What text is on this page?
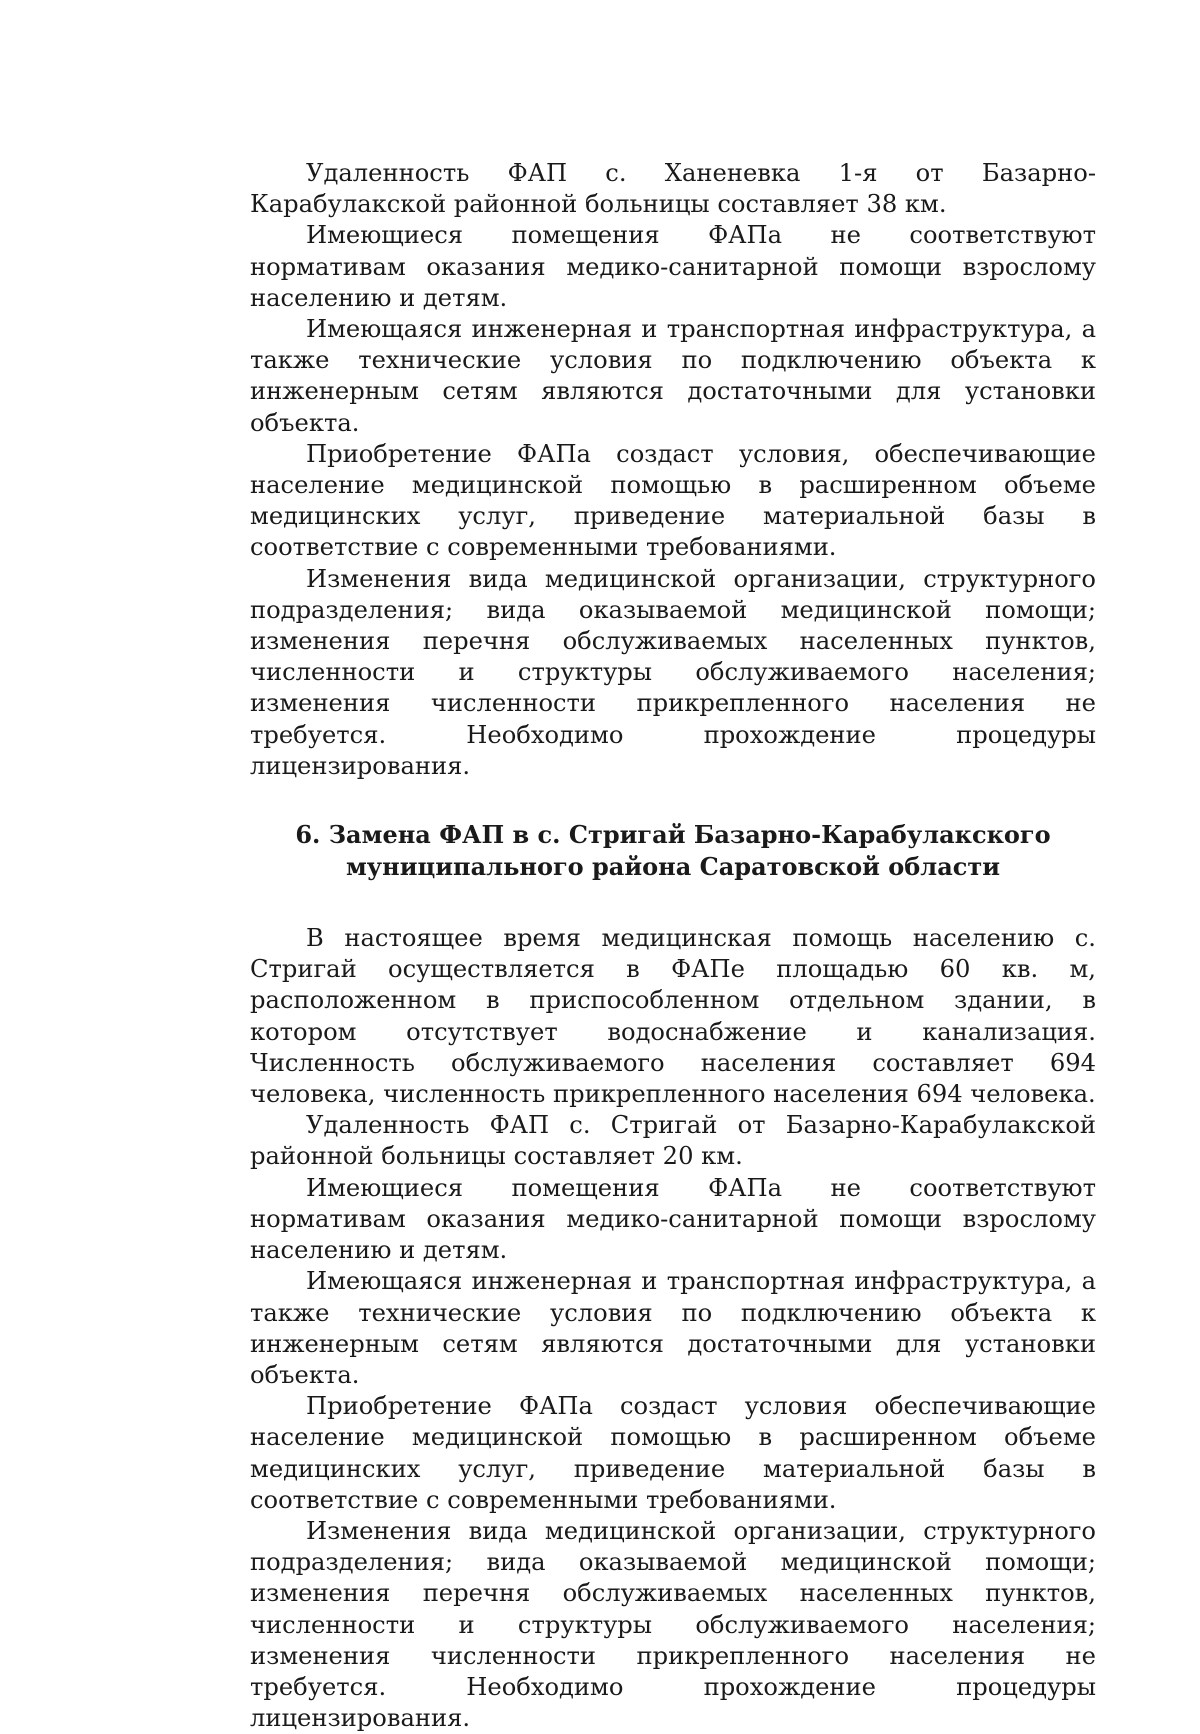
Удаленность ФАП с. Ханеневка 1-я от Базарно-Карабулакской районной больницы составляет 38 км.

Имеющиеся помещения ФАПа не соответствуют нормативам оказания медико-санитарной помощи взрослому населению и детям.

Имеющаяся инженерная и транспортная инфраструктура, а также технические условия по подключению объекта к инженерным сетям являются достаточными для установки объекта.

Приобретение ФАПа создаст условия, обеспечивающие население медицинской помощью в расширенном объеме медицинских услуг, приведение материальной базы в соответствие с современными требованиями.

Изменения вида медицинской организации, структурного подразделения; вида оказываемой медицинской помощи; изменения перечня обслуживаемых населенных пунктов, численности и структуры обслуживаемого населения; изменения численности прикрепленного населения не требуется. Необходимо прохождение процедуры лицензирования.

6. Замена ФАП в с. Стригай Базарно-Карабулакского
муниципального района Саратовской области

В настоящее время медицинская помощь населению с. Стригай осуществляется в ФАПе площадью 60 кв. м, расположенном в приспособленном отдельном здании, в котором отсутствует водоснабжение и канализация. Численность обслуживаемого населения составляет 694 человека, численность прикрепленного населения 694 человека.

Удаленность ФАП с. Стригай от Базарно-Карабулакской районной больницы составляет 20 км.

Имеющиеся помещения ФАПа не соответствуют нормативам оказания медико-санитарной помощи взрослому населению и детям.

Имеющаяся инженерная и транспортная инфраструктура, а также технические условия по подключению объекта к инженерным сетям являются достаточными для установки объекта.

Приобретение ФАПа создаст условия обеспечивающие население медицинской помощью в расширенном объеме медицинских услуг, приведение материальной базы в соответствие с современными требованиями.

Изменения вида медицинской организации, структурного подразделения; вида оказываемой медицинской помощи; изменения перечня обслуживаемых населенных пунктов, численности и структуры обслуживаемого населения; изменения численности прикрепленного населения не требуется. Необходимо прохождение процедуры лицензирования.
